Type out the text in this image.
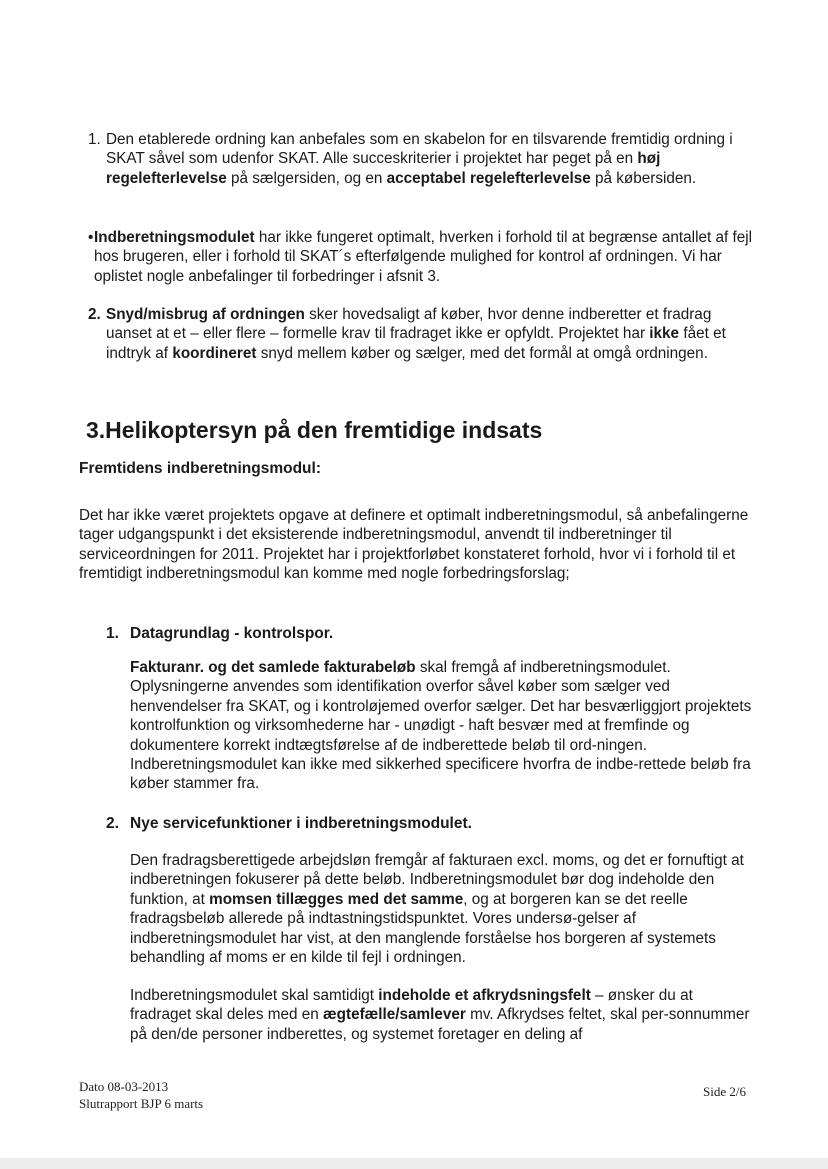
1. Den etablerede ordning kan anbefales som en skabelon for en tilsvarende fremtidig ordning i SKAT såvel som udenfor SKAT. Alle succeskriterier i projektet har peget på en høj regelefterlevelse på sælgersiden, og en acceptabel regelefterlevelse på købersiden.

• Indberetningsmodulet har ikke fungeret optimalt, hverken i forhold til at begrænse antallet af fejl hos brugeren, eller i forhold til SKAT´s efterfølgende mulighed for kontrol af ordningen. Vi har oplistet nogle anbefalinger til forbedringer i afsnit 3.

2. Snyd/misbrug af ordningen sker hovedsaligt af køber, hvor denne indberetter et fradrag uanset at et – eller flere – formelle krav til fradraget ikke er opfyldt. Projektet har ikke fået et indtryk af koordineret snyd mellem køber og sælger, med det formål at omgå ordningen.

3.Helikoptersyn på den fremtidige indsats
Fremtidens indberetningsmodul:

Det har ikke været projektets opgave at definere et optimalt indberetningsmodul, så anbefalingerne tager udgangspunkt i det eksisterende indberetningsmodul, anvendt til indberetninger til serviceordningen for 2011. Projektet har i projektforløbet konstateret forhold, hvor vi i forhold til et fremtidigt indberetningsmodul kan komme med nogle forbedringsforslag;

1. Datagrundlag - kontrolspor.

Fakturanr. og det samlede fakturabeløb skal fremgå af indberetningsmodulet. Oplysningerne anvendes som identifikation overfor såvel køber som sælger ved henvendelser fra SKAT, og i kontroløjemed overfor sælger. Det har besværliggjort projektets kontrolfunktion og virksomhederne har - unødigt - haft besvær med at fremfinde og dokumentere korrekt indtægtsførelse af de indberettede beløb til ord-ningen. Indberetningsmodulet kan ikke med sikkerhed specificere hvorfra de indbe-rettede beløb fra køber stammer fra.

2. Nye servicefunktioner i indberetningsmodulet.

Den fradragsberettigede arbejdsløn fremgår af fakturaen excl. moms, og det er fornuftigt at indberetningen fokuserer på dette beløb. Indberetningsmodulet bør dog indeholde den funktion, at momsen tillægges med det samme, og at borgeren kan se det reelle fradragsbeløb allerede på indtastningstidspunktet. Vores undersø-gelser af indberetningsmodulet har vist, at den manglende forståelse hos borgeren af systemets behandling af moms er en kilde til fejl i ordningen.

Indberetningsmodulet skal samtidigt indeholde et afkrydsningsfelt – ønsker du at fradraget skal deles med en ægtefælle/samlever mv. Afkrydses feltet, skal per-sonnummer på den/de personer indberettes, og systemet foretager en deling af

Dato 08-03-2013
Slutrapport BJP 6 marts
Side 2/6
